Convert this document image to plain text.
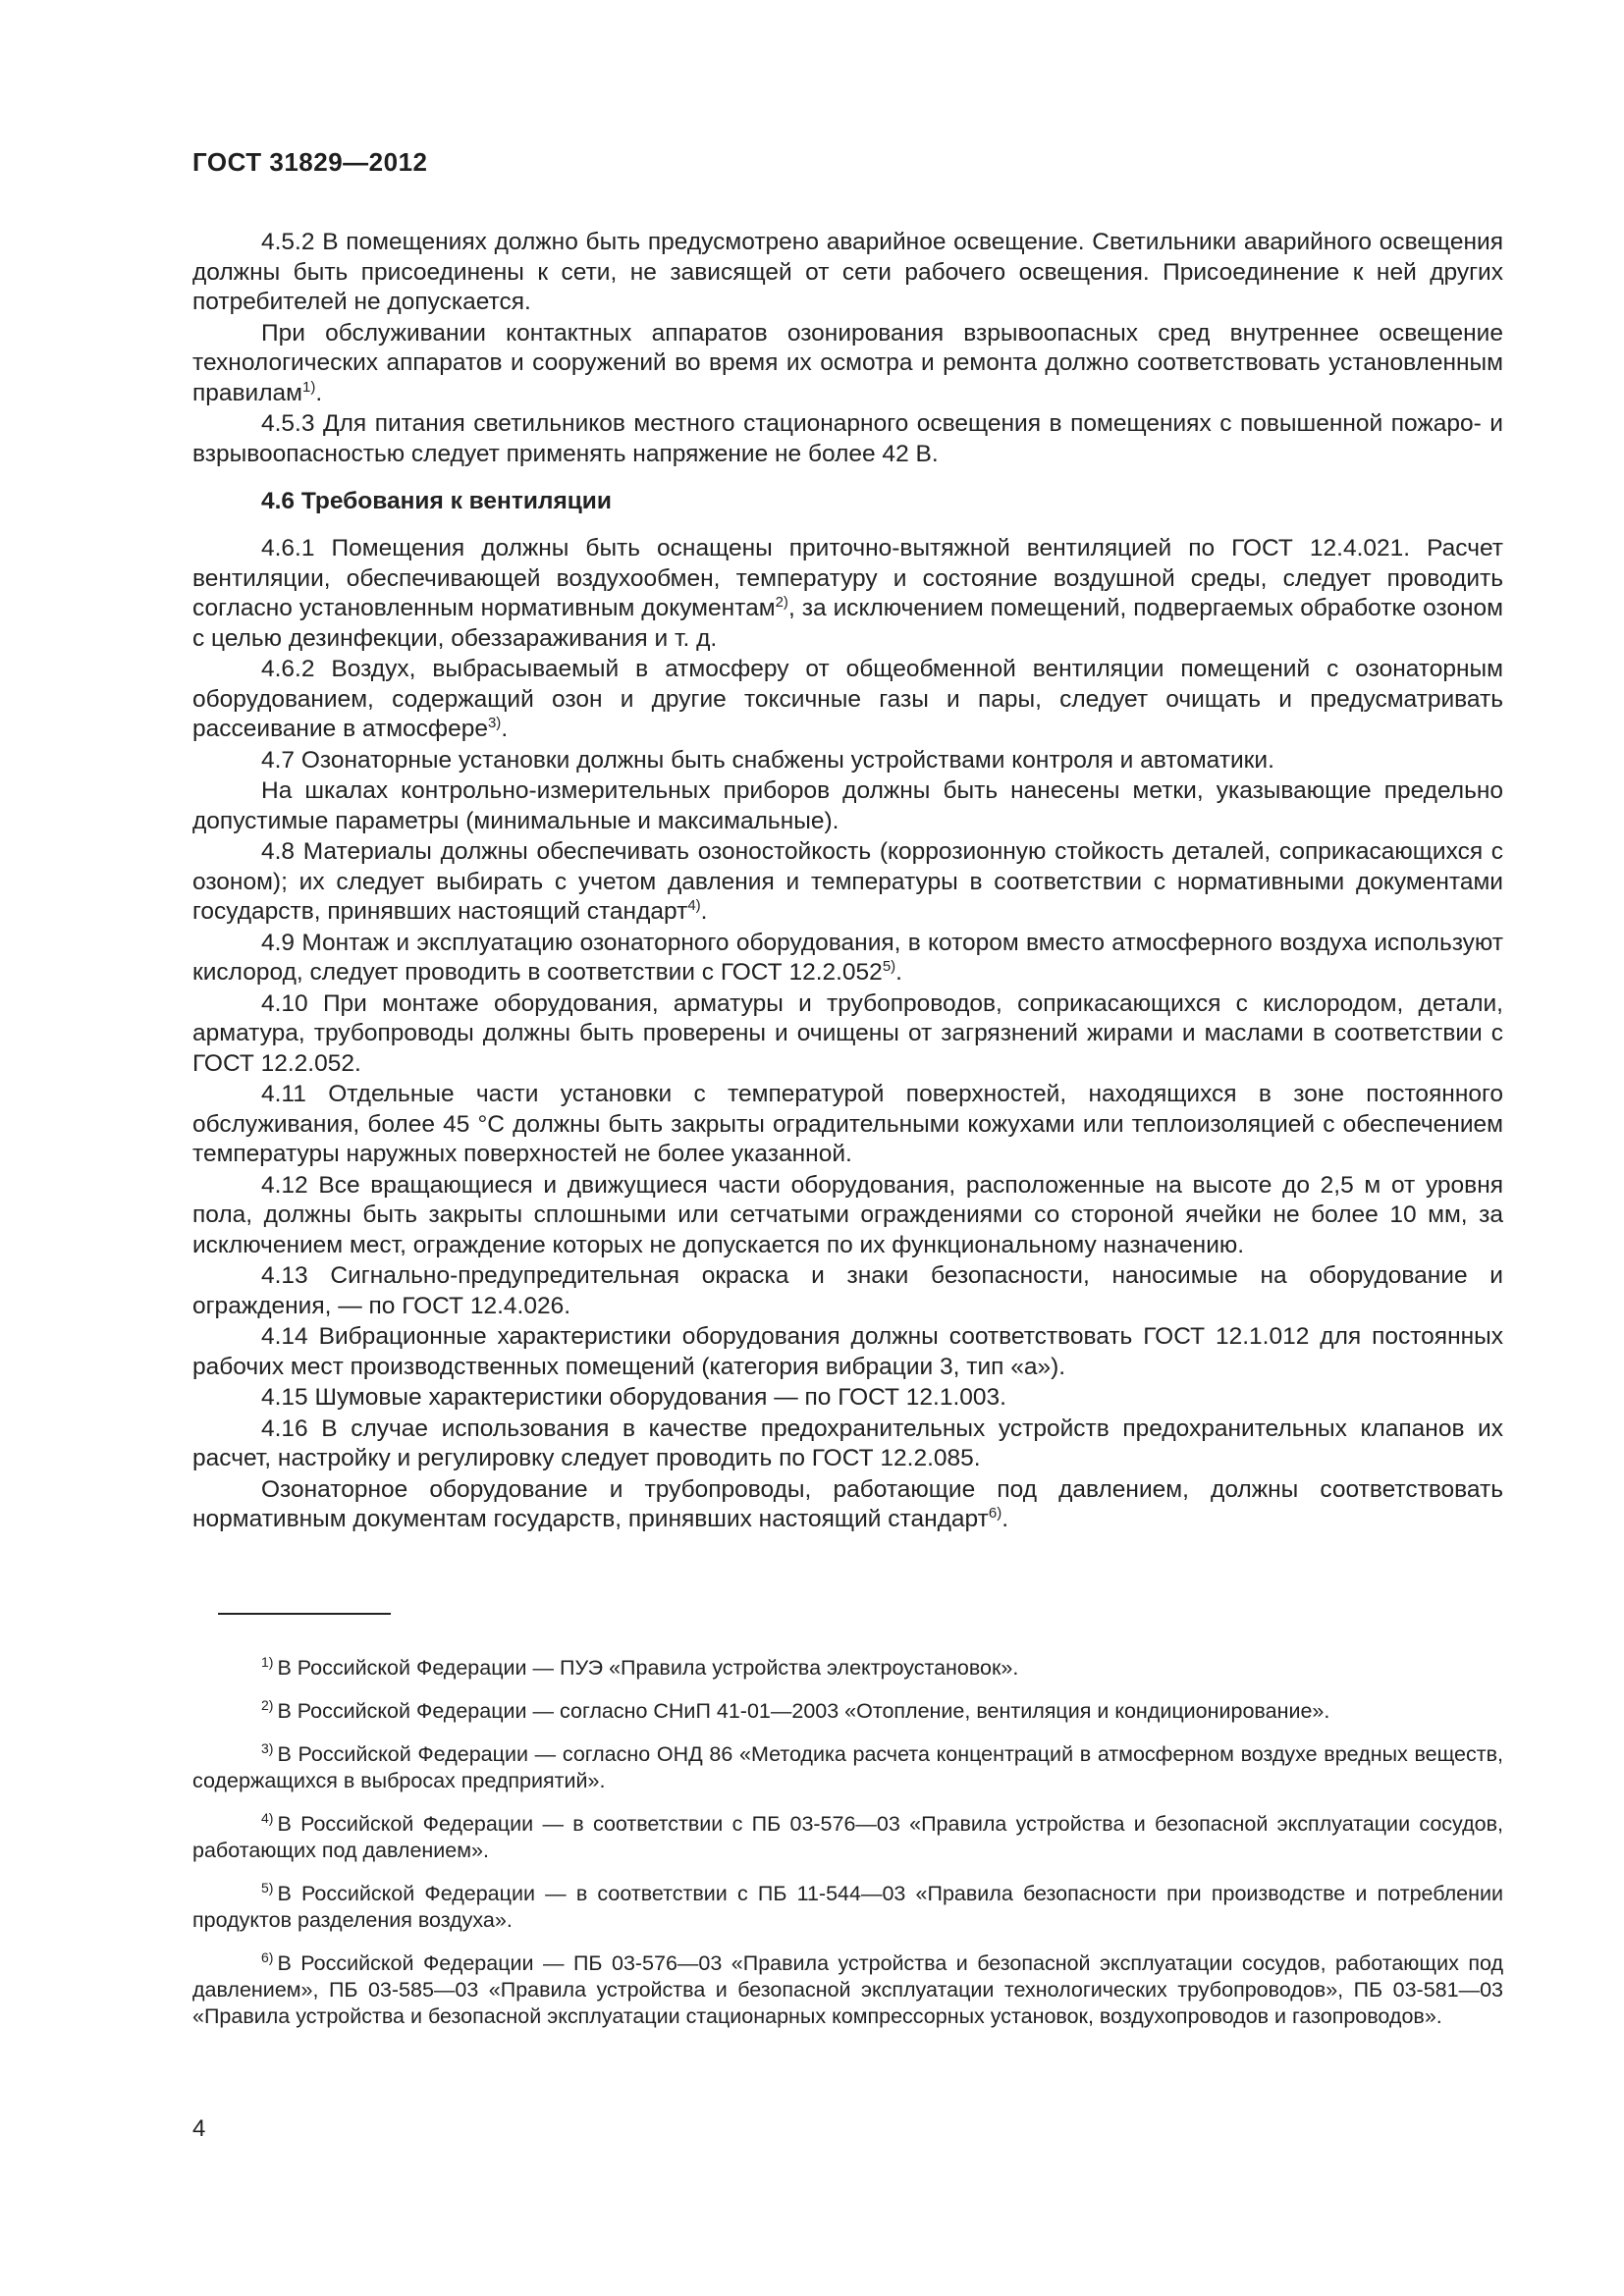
ГОСТ 31829—2012

4.5.2 В помещениях должно быть предусмотрено аварийное освещение. Светильники аварийного освещения должны быть присоединены к сети, не зависящей от сети рабочего освещения. Присоединение к ней других потребителей не допускается.

При обслуживании контактных аппаратов озонирования взрывоопасных сред внутреннее освещение технологических аппаратов и сооружений во время их осмотра и ремонта должно соответствовать установленным правилам$^{1)}$.

4.5.3 Для питания светильников местного стационарного освещения в помещениях с повышенной пожаро- и взрывоопасностью следует применять напряжение не более 42 В.

4.6 Требования к вентиляции

4.6.1 Помещения должны быть оснащены приточно-вытяжной вентиляцией по ГОСТ 12.4.021. Расчет вентиляции, обеспечивающей воздухообмен, температуру и состояние воздушной среды, следует проводить согласно установленным нормативным документам$^{2)}$, за исключением помещений, подвергаемых обработке озоном с целью дезинфекции, обеззараживания и т. д.

4.6.2 Воздух, выбрасываемый в атмосферу от общеобменной вентиляции помещений с озонаторным оборудованием, содержащий озон и другие токсичные газы и пары, следует очищать и предусматривать рассеивание в атмосфере$^{3)}$.

4.7 Озонаторные установки должны быть снабжены устройствами контроля и автоматики.

На шкалах контрольно-измерительных приборов должны быть нанесены метки, указывающие предельно допустимые параметры (минимальные и максимальные).

4.8 Материалы должны обеспечивать озоностойкость (коррозионную стойкость деталей, соприкасающихся с озоном); их следует выбирать с учетом давления и температуры в соответствии с нормативными документами государств, принявших настоящий стандарт$^{4)}$.

4.9 Монтаж и эксплуатацию озонаторного оборудования, в котором вместо атмосферного воздуха используют кислород, следует проводить в соответствии с ГОСТ 12.2.052$^{5)}$.

4.10 При монтаже оборудования, арматуры и трубопроводов, соприкасающихся с кислородом, детали, арматура, трубопроводы должны быть проверены и очищены от загрязнений жирами и маслами в соответствии с ГОСТ 12.2.052.

4.11 Отдельные части установки с температурой поверхностей, находящихся в зоне постоянного обслуживания, более 45 °С должны быть закрыты оградительными кожухами или теплоизоляцией с обеспечением температуры наружных поверхностей не более указанной.

4.12 Все вращающиеся и движущиеся части оборудования, расположенные на высоте до 2,5 м от уровня пола, должны быть закрыты сплошными или сетчатыми ограждениями со стороной ячейки не более 10 мм, за исключением мест, ограждение которых не допускается по их функциональному назначению.

4.13 Сигнально-предупредительная окраска и знаки безопасности, наносимые на оборудование и ограждения, — по ГОСТ 12.4.026.

4.14 Вибрационные характеристики оборудования должны соответствовать ГОСТ 12.1.012 для постоянных рабочих мест производственных помещений (категория вибрации 3, тип «а»).

4.15 Шумовые характеристики оборудования — по ГОСТ 12.1.003.

4.16 В случае использования в качестве предохранительных устройств предохранительных клапанов их расчет, настройку и регулировку следует проводить по ГОСТ 12.2.085.

Озонаторное оборудование и трубопроводы, работающие под давлением, должны соответствовать нормативным документам государств, принявших настоящий стандарт$^{6)}$.

$^{1)}$ В Российской Федерации — ПУЭ «Правила устройства электроустановок».

$^{2)}$ В Российской Федерации — согласно СНиП 41-01—2003 «Отопление, вентиляция и кондиционирование».

$^{3)}$ В Российской Федерации — согласно ОНД 86 «Методика расчета концентраций в атмосферном воздухе вредных веществ, содержащихся в выбросах предприятий».

$^{4)}$ В Российской Федерации — в соответствии с ПБ 03-576—03 «Правила устройства и безопасной эксплуатации сосудов, работающих под давлением».

$^{5)}$ В Российской Федерации — в соответствии с ПБ 11-544—03 «Правила безопасности при производстве и потреблении продуктов разделения воздуха».

$^{6)}$ В Российской Федерации — ПБ 03-576—03 «Правила устройства и безопасной эксплуатации сосудов, работающих под давлением», ПБ 03-585—03 «Правила устройства и безопасной эксплуатации технологических трубопроводов», ПБ 03-581—03 «Правила устройства и безопасной эксплуатации стационарных компрессорных установок, воздухопроводов и газопроводов».

4
